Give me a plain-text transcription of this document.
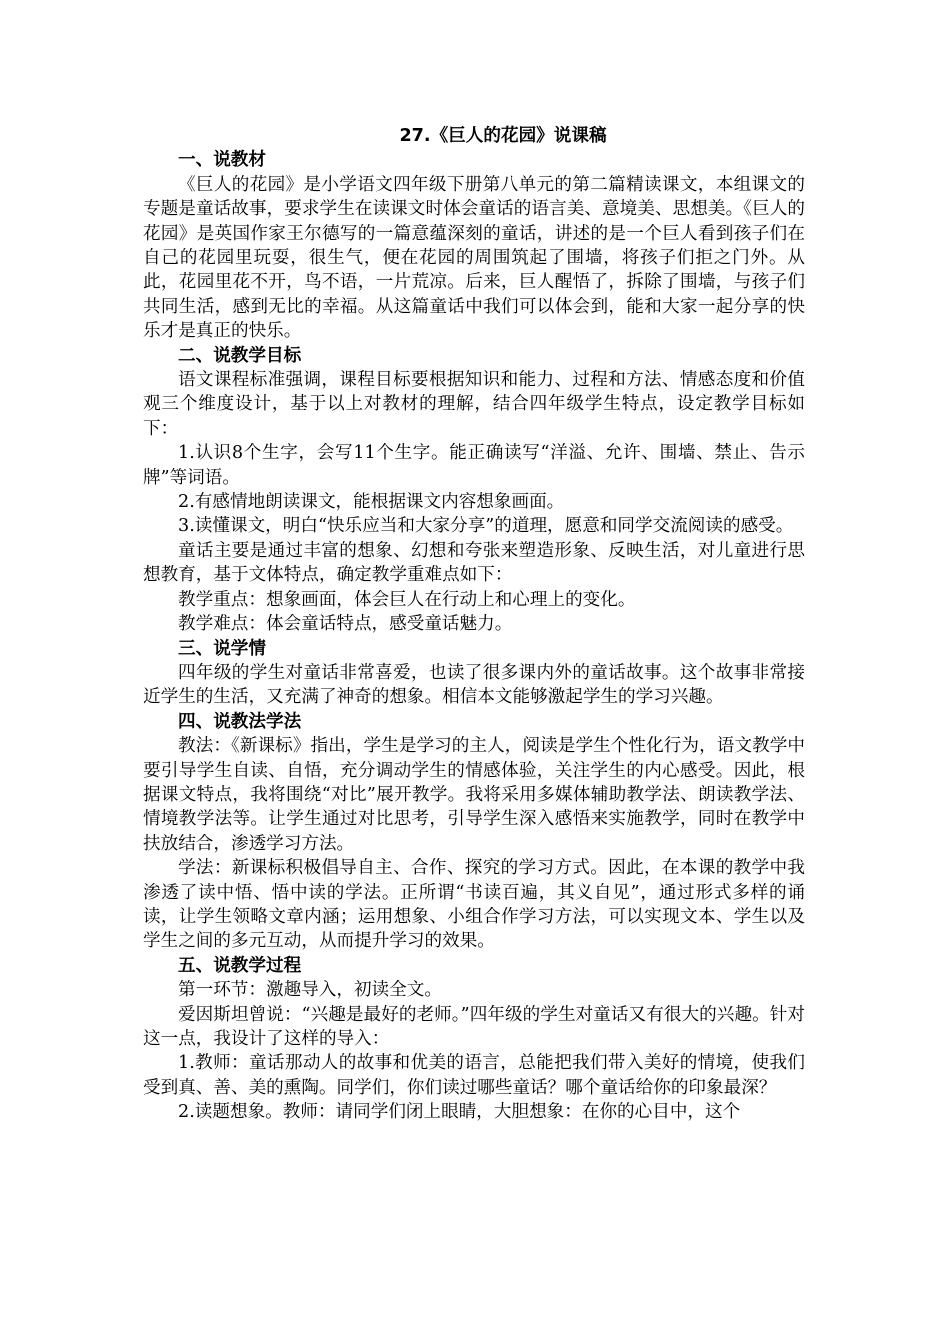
27.《巨人的花园》说课稿
一、说教材
《巨人的花园》是小学语文四年级下册第八单元的第二篇精读课文，本组课文的专题是童话故事，要求学生在读课文时体会童话的语言美、意境美、思想美。《巨人的花园》是英国作家王尔德写的一篇意蕴深刻的童话，讲述的是一个巨人看到孩子们在自己的花园里玩耍，很生气，便在花园的周围筑起了围墙，将孩子们拒之门外。从此，花园里花不开，鸟不语，一片荒凉。后来，巨人醒悟了，拆除了围墙，与孩子们共同生活，感到无比的幸福。从这篇童话中我们可以体会到，能和大家一起分享的快乐才是真正的快乐。
二、说教学目标
语文课程标准强调，课程目标要根据知识和能力、过程和方法、情感态度和价值观三个维度设计，基于以上对教材的理解，结合四年级学生特点，设定教学目标如下：
1.认识8个生字，会写11个生字。能正确读写“洋溢、允许、围墙、禁止、告示牌”等词语。
2.有感情地朗读课文，能根据课文内容想象画面。
3.读懂课文，明白“快乐应当和大家分享”的道理，愿意和同学交流阅读的感受。
童话主要是通过丰富的想象、幻想和夸张来塑造形象、反映生活，对儿童进行思想教育，基于文体特点，确定教学重难点如下：
教学重点：想象画面，体会巨人在行动上和心理上的变化。
教学难点：体会童话特点，感受童话魅力。
三、说学情
四年级的学生对童话非常喜爱，也读了很多课内外的童话故事。这个故事非常接近学生的生活，又充满了神奇的想象。相信本文能够激起学生的学习兴趣。
四、说教法学法
教法：《新课标》指出，学生是学习的主人，阅读是学生个性化行为，语文教学中要引导学生自读、自悟，充分调动学生的情感体验，关注学生的内心感受。因此，根据课文特点，我将围绕“对比”展开教学。我将采用多媒体辅助教学法、朗读教学法、情境教学法等。让学生通过对比思考，引导学生深入感悟来实施教学，同时在教学中扶放结合，渗透学习方法。
学法：新课标积极倡导自主、合作、探究的学习方式。因此，在本课的教学中我渗透了读中悟、悟中读的学法。正所谓“书读百遍，其义自见”，通过形式多样的诵读，让学生领略文章内涵；运用想象、小组合作学习方法，可以实现文本、学生以及学生之间的多元互动，从而提升学习的效果。
五、说教学过程
第一环节：激趣导入，初读全文。
爱因斯坦曾说：“兴趣是最好的老师。”四年级的学生对童话又有很大的兴趣。针对这一点，我设计了这样的导入：
1.教师：童话那动人的故事和优美的语言，总能把我们带入美好的情境，使我们受到真、善、美的熏陶。同学们，你们读过哪些童话？哪个童话给你的印象最深？
2.读题想象。教师：请同学们闭上眼睛，大胆想象：在你的心目中，这个
